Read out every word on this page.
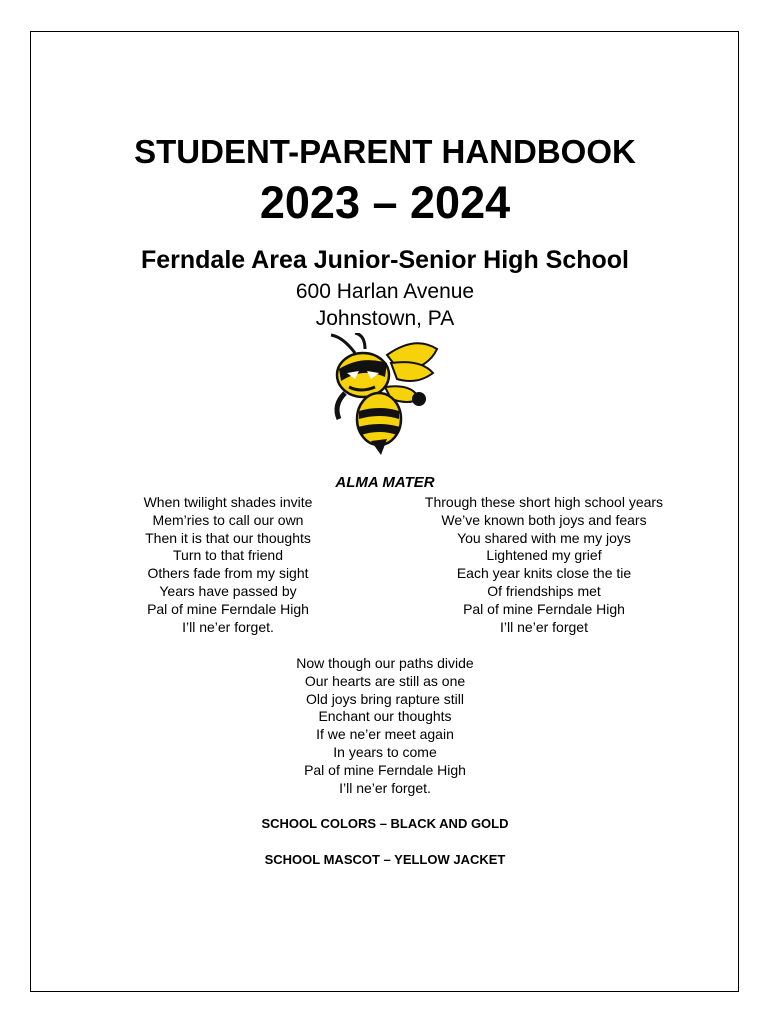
STUDENT-PARENT HANDBOOK
2023 – 2024
Ferndale Area Junior-Senior High School
600 Harlan Avenue
Johnstown, PA
ALMA MATER
When twilight shades invite
Mem’ries to call our own
Then it is that our thoughts
Turn to that friend
Others fade from my sight
Years have passed by
Pal of mine Ferndale High
I’ll ne’er forget.
Through these short high school years
We’ve known both joys and fears
You shared with me my joys
Lightened my grief
Each year knits close the tie
Of friendships met
Pal of mine Ferndale High
I’ll ne’er forget
Now though our paths divide
Our hearts are still as one
Old joys bring rapture still
Enchant our thoughts
If we ne’er meet again
In years to come
Pal of mine Ferndale High
I’ll ne’er forget.
SCHOOL COLORS – BLACK AND GOLD
SCHOOL MASCOT – YELLOW JACKET
